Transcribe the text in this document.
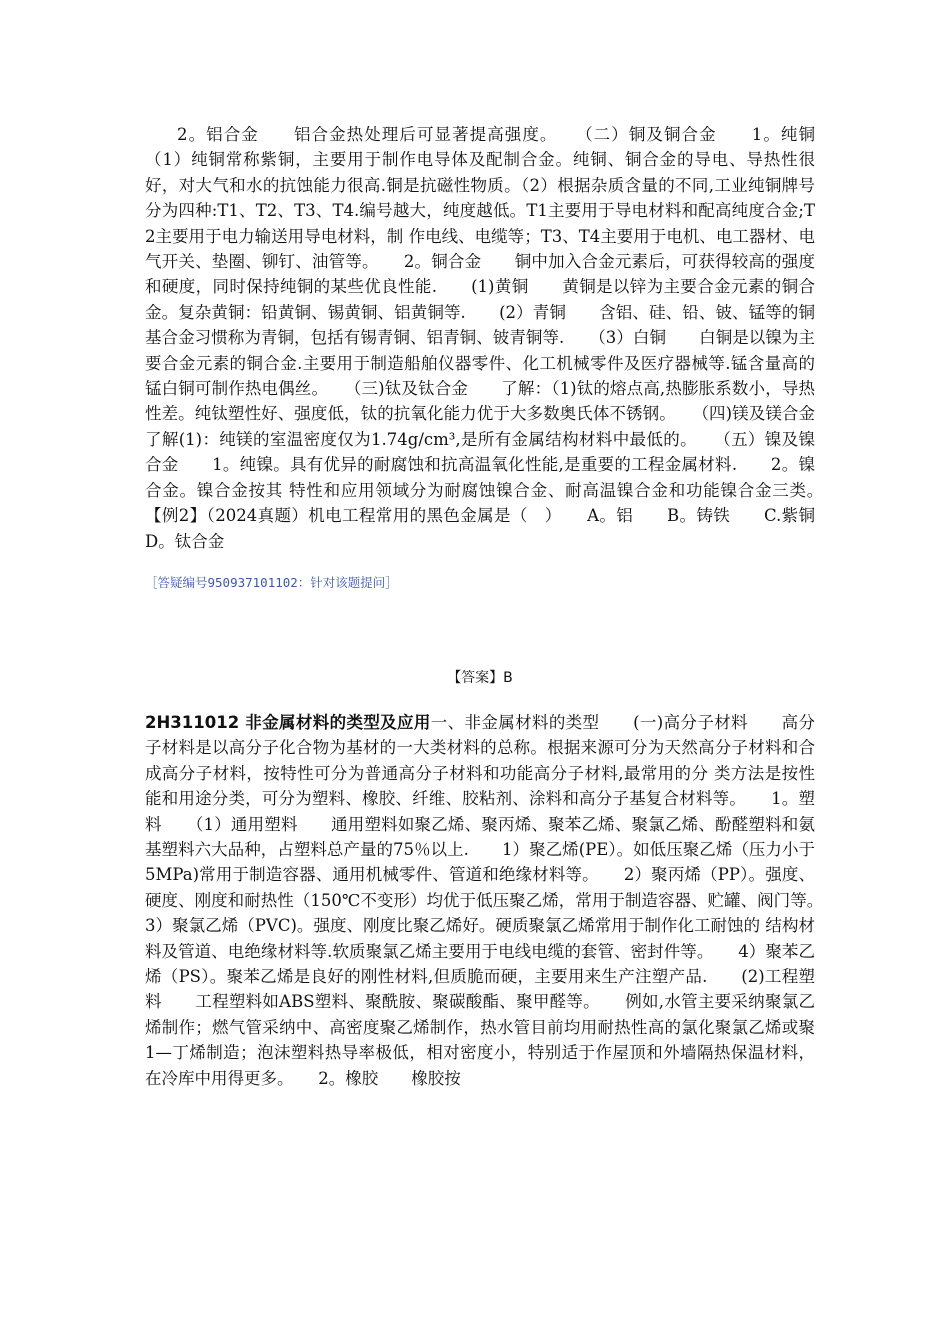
2。铝合金　　铝合金热处理后可显著提高强度。　　（二）铜及铜合金　　1。纯铜　　（1）纯铜常称紫铜，主要用于制作电导体及配制合金。纯铜、铜合金的导电、导热性很好，对大气和水的抗蚀能力很高.铜是抗磁性物质。（2）根据杂质含量的不同,工业纯铜牌号分为四种:T1、T2、T3、T4.编号越大，纯度越低。T1主要用于导电材料和配高纯度合金;T2主要用于电力输送用导电材料，制 作电线、电缆等；T3、T4主要用于电机、电工器材、电气开关、垫圈、铆钉、油管等。　　2。铜合金　　铜中加入合金元素后，可获得较高的强度和硬度，同时保持纯铜的某些优良性能.　　(1)黄铜　　黄铜是以锌为主要合金元素的铜合金。复杂黄铜：铅黄铜、锡黄铜、铝黄铜等.　　(2）青铜　　含铝、硅、铅、铍、锰等的铜基合金习惯称为青铜，包括有锡青铜、铝青铜、铍青铜等.　　（3）白铜　　白铜是以镍为主要合金元素的铜合金.主要用于制造船舶仪器零件、化工机械零件及医疗器械等.锰含量高的锰白铜可制作热电偶丝。　　（三)钛及钛合金　　了解：（1)钛的熔点高,热膨胀系数小，导热性差。纯钛塑性好、强度低，钛的抗氧化能力优于大多数奥氏体不锈钢。　　（四)镁及镁合金　　了解(1)：纯镁的室温密度仅为1.74g/cm³,是所有金属结构材料中最低的。　　（五）镍及镍合金　　1。纯镍。具有优异的耐腐蚀和抗高温氧化性能,是重要的工程金属材料.　　2。镍合金。镍合金按其 特性和应用领域分为耐腐蚀镍合金、耐高温镍合金和功能镍合金三类。　　【例2】（2024真题）机电工程常用的黑色金属是（　）　　A。铝　　B。铸铁　　C.紫铜　　D。钛合金

［答疑编号950937101102：针对该题提问］
【答案】B

2H311012 非金属材料的类型及应用一、非金属材料的类型　　(一)高分子材料　　高分子材料是以高分子化合物为基材的一大类材料的总称。根据来源可分为天然高分子材料和合成高分子材料，按特性可分为普通高分子材料和功能高分子材料,最常用的分 类方法是按性能和用途分类，可分为塑料、橡胶、纤维、胶粘剂、涂料和高分子基复合材料等。　　1。塑料　　（1）通用塑料　　通用塑料如聚乙烯、聚丙烯、聚苯乙烯、聚氯乙烯、酚醛塑料和氨基塑料六大品种，占塑料总产量的75％以上.　　1）聚乙烯(PE）。如低压聚乙烯（压力小于5MPa)常用于制造容器、通用机械零件、管道和绝缘材料等。　　2）聚丙烯（PP）。强度、硬度、刚度和耐热性（150℃不变形）均优于低压聚乙烯，常用于制造容器、贮罐、阀门等。　　3）聚氯乙烯（PVC)。强度、刚度比聚乙烯好。硬质聚氯乙烯常用于制作化工耐蚀的 结构材料及管道、电绝缘材料等.软质聚氯乙烯主要用于电线电缆的套管、密封件等。　　4）聚苯乙烯（PS）。聚苯乙烯是良好的刚性材料,但质脆而硬，主要用来生产注塑产品.　　(2)工程塑料　　工程塑料如ABS塑料、聚酰胺、聚碳酸酯、聚甲醛等。　　例如,水管主要采纳聚氯乙烯制作；燃气管采纳中、高密度聚乙烯制作，热水管目前均用耐热性高的氯化聚氯乙烯或聚1—丁烯制造；泡沫塑料热导率极低，相对密度小，特别适于作屋顶和外墙隔热保温材料，在冷库中用得更多。　　2。橡胶　　橡胶按
